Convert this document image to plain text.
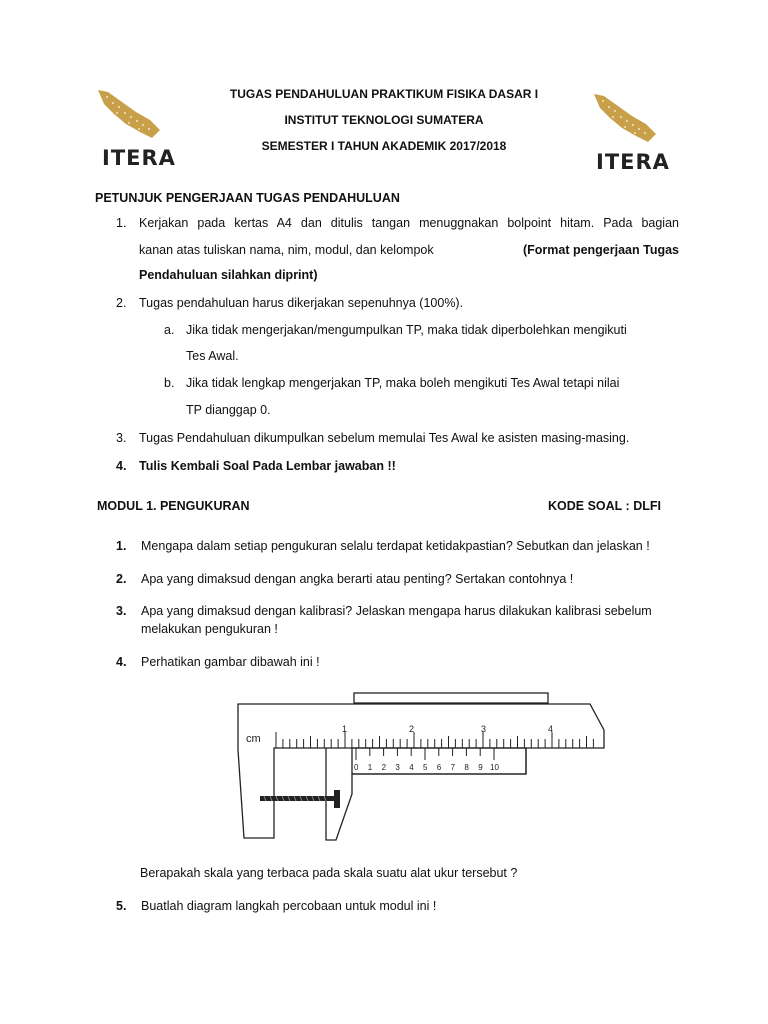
ITERA	ITERA
TUGAS PENDAHULUAN PRAKTIKUM FISIKA DASAR I
INSTITUT TEKNOLOGI SUMATERA
SEMESTER I TAHUN AKADEMIK 2017/2018
PETUNJUK PENGERJAAN TUGAS PENDAHULUAN
1. Kerjakan pada kertas A4 dan ditulis tangan menuggnakan bolpoint hitam. Pada bagian
kanan atas tuliskan nama, nim, modul, dan kelompok	(Format pengerjaan Tugas
Pendahuluan silahkan diprint)
2. Tugas pendahuluan harus dikerjakan sepenuhnya (100%).
a. Jika tidak mengerjakan/mengumpulkan TP, maka tidak diperbolehkan mengikuti
Tes Awal.
b. Jika tidak lengkap mengerjakan TP, maka boleh mengikuti Tes Awal tetapi nilai
TP dianggap 0.
3. Tugas Pendahuluan dikumpulkan sebelum memulai Tes Awal ke asisten masing-masing.
4. Tulis Kembali Soal Pada Lembar jawaban !!
MODUL 1. PENGUKURAN	KODE SOAL : DLFI
1. Mengapa dalam setiap pengukuran selalu terdapat ketidakpastian? Sebutkan dan jelaskan !
2. Apa yang dimaksud dengan angka berarti atau penting? Sertakan contohnya !
3. Apa yang dimaksud dengan kalibrasi? Jelaskan mengapa harus dilakukan kalibrasi sebelum
melakukan pengukuran !
4. Perhatikan gambar dibawah ini !
cm
1	2	3	4
0 1 2 3 4 5 6 7 8 9 10
Berapakah skala yang terbaca pada skala suatu alat ukur tersebut ?
5. Buatlah diagram langkah percobaan untuk modul ini !
